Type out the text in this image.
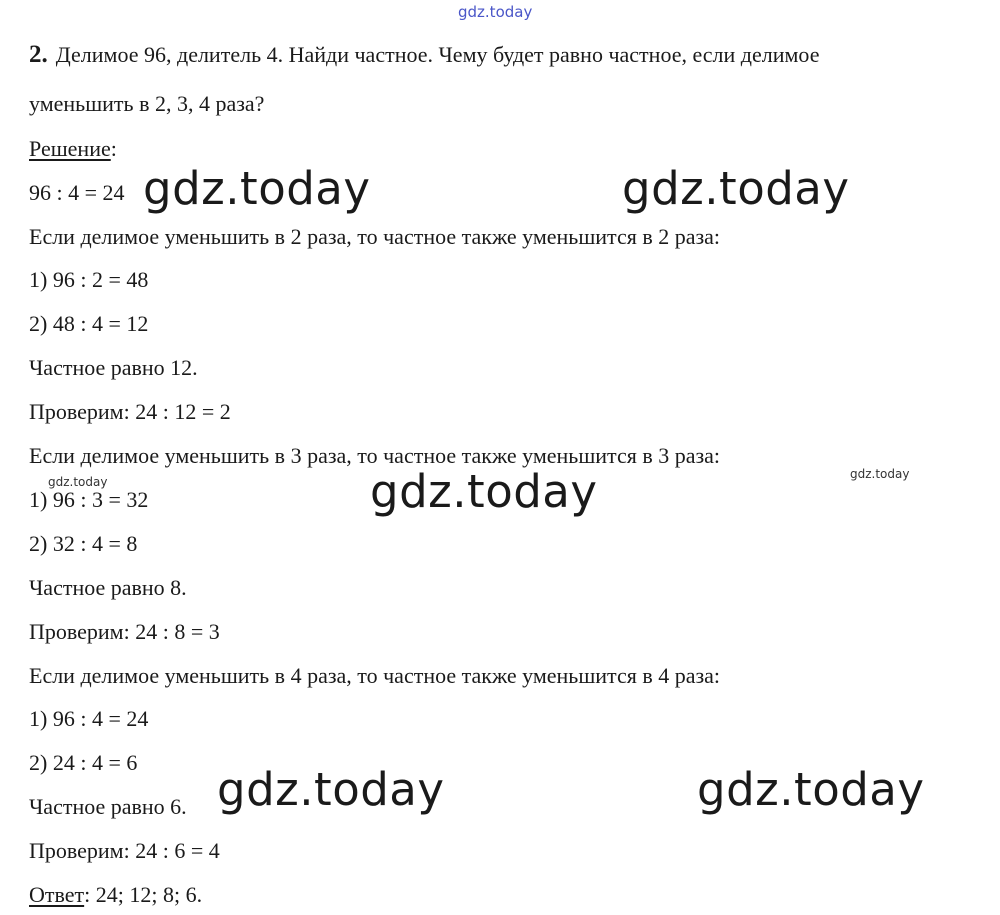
gdz.today
2. Делимое 96, делитель 4. Найди частное. Чему будет равно частное, если делимое
уменьшить в 2, 3, 4 раза?
Решение:
96 : 4 = 24 gdz.today	gdz.today
Если делимое уменьшить в 2 раза, то частное также уменьшится в 2 раза:
1) 96 : 2 = 48
2) 48 : 4 = 12
Частное равно 12.
Проверим: 24 : 12 = 2
Если делимое уменьшить в 3 раза, то частное также уменьшится в 3 раза:
gdz.today
gdz.today
1) 96 : 3 = 32	gdz.today
2) 32 : 4 = 8
Частное равно 8.
Проверим: 24 : 8 = 3
Если делимое уменьшить в 4 раза, то частное также уменьшится в 4 раза:
1) 96 : 4 = 24
2) 24 : 4 = 6
Частное равно 6. gdz.today	gdz.today
Проверим: 24 : 6 = 4
Ответ: 24; 12; 8; 6.
